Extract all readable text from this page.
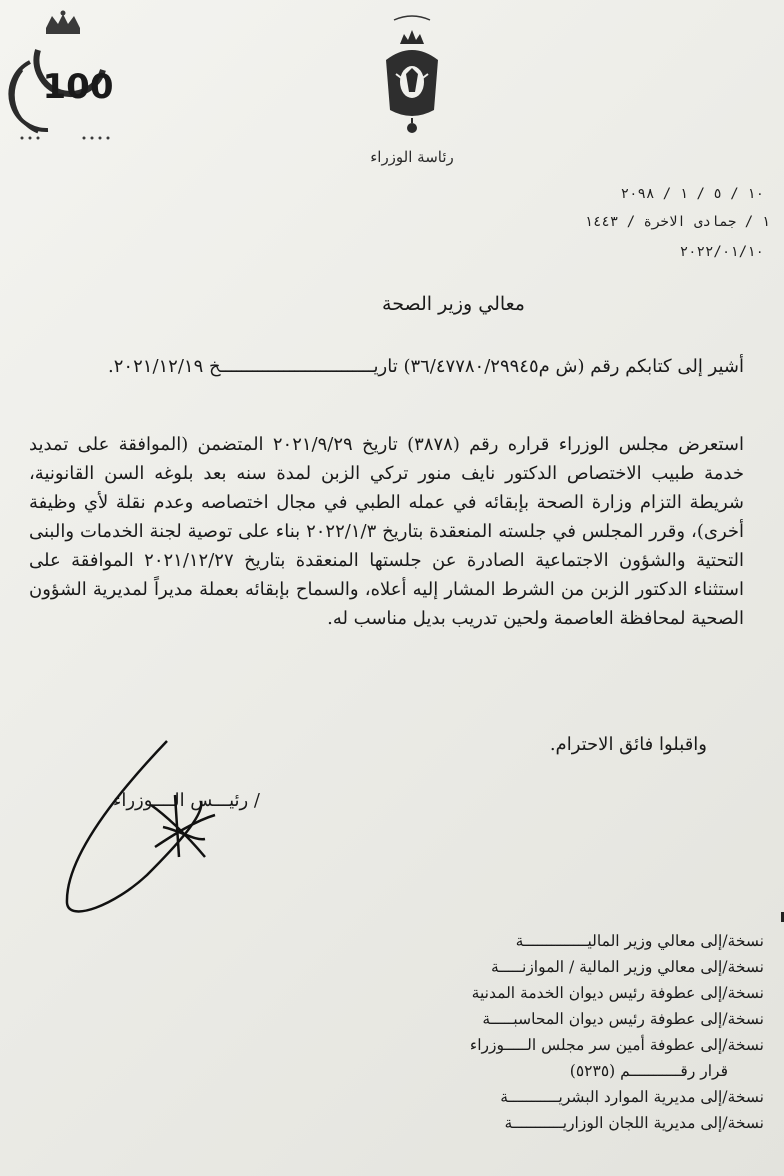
100
رئاسة الوزراء
١٠ / ٥ / ١ / ٢٠٩٨
١ / جمادى الاخرة / ١٤٤٣
٢٠٢٢/٠١/١٠
معالي وزير الصحة
أشير إلى كتابكم رقم (ش م٣٦/٤٧٧٨٠/٢٩٩٤٥) تاريـــــــــــــــــــــــــــــخ ٢٠٢١/١٢/١٩.
استعرض مجلس الوزراء قراره رقم (٣٨٧٨) تاريخ ٢٠٢١/٩/٢٩ المتضمن (الموافقة على تمديد خدمة طبيب الاختصاص الدكتور نايف منور تركي الزبن لمدة سنه بعد بلوغه السن القانونية، شريطة التزام وزارة الصحة بإبقائه في عمله الطبي في مجال اختصاصه وعدم نقلة لأي وظيفة أخرى)، وقرر المجلس في جلسته المنعقدة بتاريخ ٢٠٢٢/١/٣ بناء على توصية لجنة الخدمات والبنى التحتية والشؤون الاجتماعية الصادرة عن جلستها المنعقدة بتاريخ ٢٠٢١/١٢/٢٧ الموافقة على استثناء الدكتور الزبن من الشرط المشار إليه أعلاه، والسماح بإبقائه بعملة مديراً لمديرية الشؤون الصحية لمحافظة العاصمة ولحين تدريب بديل مناسب له.
واقبلوا فائق الاحترام.
/ رئيـــس الــــوزراء
نسخة/إلى معالي وزير الماليــــــــــــــة
نسخة/إلى معالي وزير المالية / الموازنـــــة
نسخة/إلى عطوفة رئيس ديوان الخدمة المدنية
نسخة/إلى عطوفة رئيس ديوان المحاسبـــــة
نسخة/إلى عطوفة أمين سر مجلس الـــــوزراء
قرار رقـــــــــــم (٥٢٣٥)
نسخة/إلى مديرية الموارد البشريـــــــــــة
نسخة/إلى مديرية اللجان الوزاريـــــــــــة
